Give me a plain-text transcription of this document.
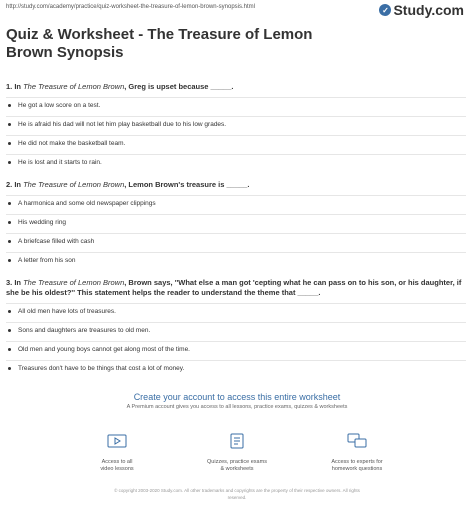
http://study.com/academy/practice/quiz-worksheet-the-treasure-of-lemon-brown-synopsis.html	✓ Study.com
Quiz & Worksheet - The Treasure of Lemon Brown Synopsis
1. In The Treasure of Lemon Brown, Greg is upset because _____.
He got a low score on a test.
He is afraid his dad will not let him play basketball due to his low grades.
He did not make the basketball team.
He is lost and it starts to rain.
2. In The Treasure of Lemon Brown, Lemon Brown's treasure is _____.
A harmonica and some old newspaper clippings
His wedding ring
A briefcase filled with cash
A letter from his son
3. In The Treasure of Lemon Brown, Brown says, ''What else a man got 'cepting what he can pass on to his son, or his daughter, if she be his oldest?'' This statement helps the reader to understand the theme that _____.
All old men have lots of treasures.
Sons and daughters are treasures to old men.
Old men and young boys cannot get along most of the time.
Treasures don't have to be things that cost a lot of money.
Create your account to access this entire worksheet
A Premium account gives you access to all lessons, practice exams, quizzes & worksheets
Access to all
video lessons
Quizzes, practice exams
& worksheets
Access to experts for
homework questions
© copyright 2003-2020 Study.com. All other trademarks and copyrights are the property of their respective owners. All rights
reserved.
